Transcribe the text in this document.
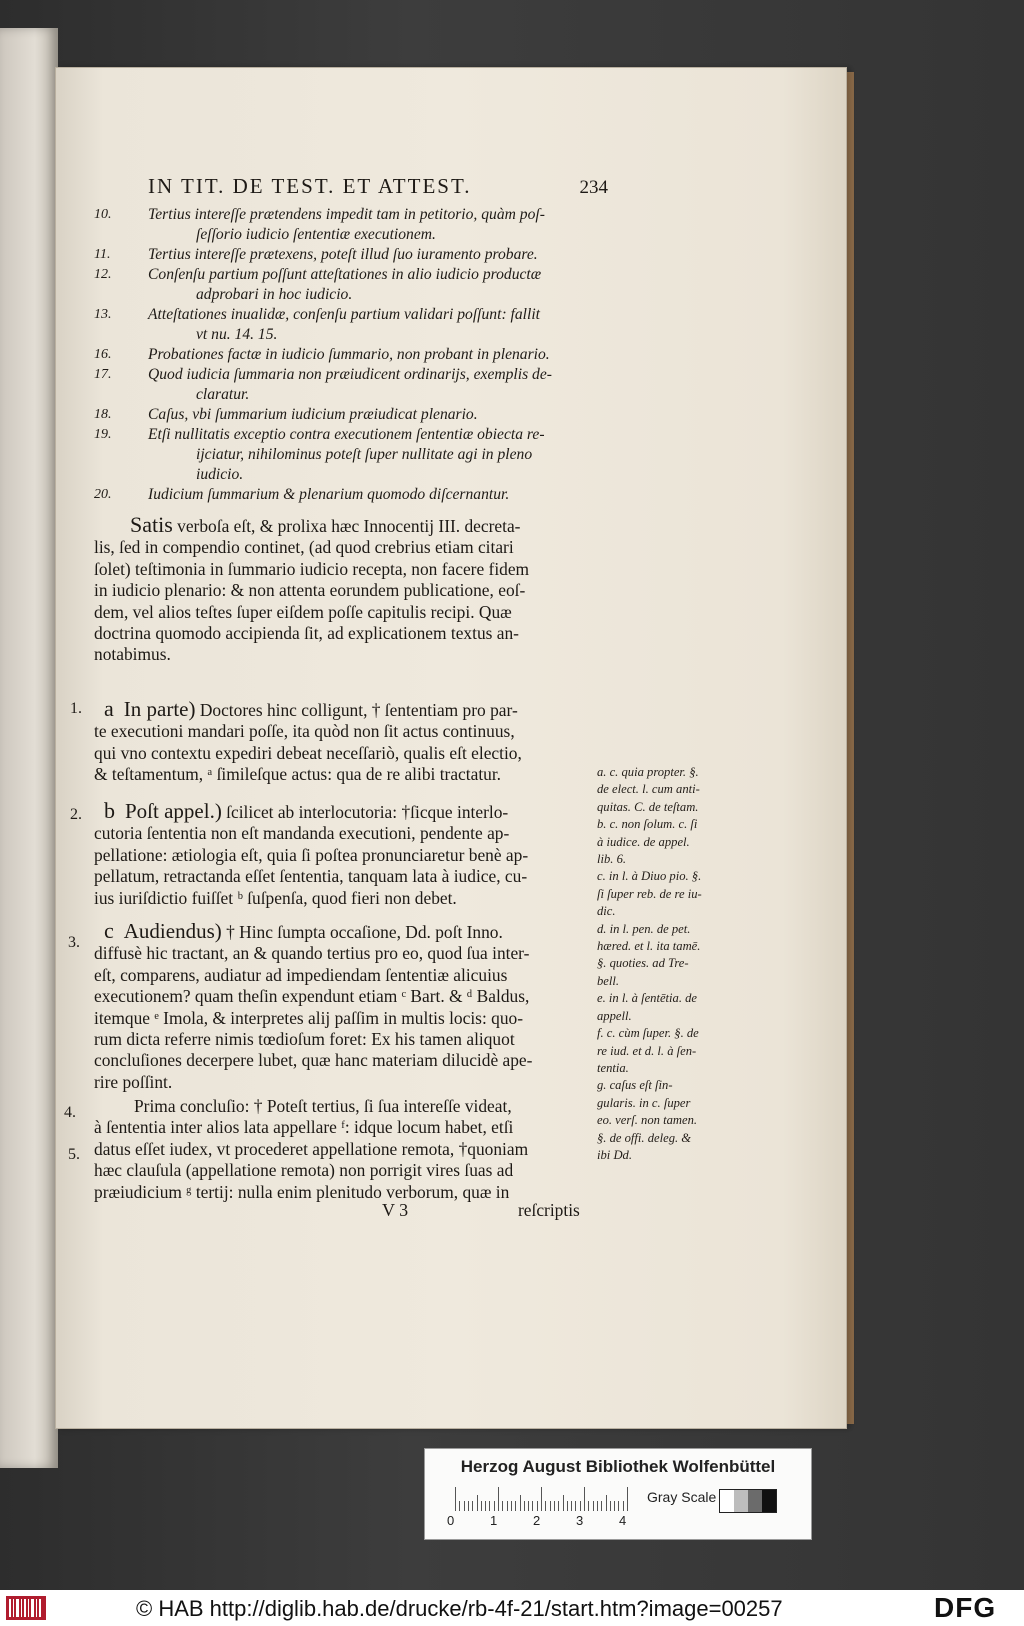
IN TIT. DE TEST. ET ATTEST.	234
10.	Tertius intereſſe prætendens impedit tam in petitorio, quàm poſ-
ſeſſorio iudicio ſententiæ executionem.
11.	Tertius intereſſe prætexens, poteſt illud ſuo iuramento probare.
12.	Conſenſu partium poſſunt atteſtationes in alio iudicio productæ
adprobari in hoc iudicio.
13.	Atteſtationes inualidæ, conſenſu partium validari poſſunt: fallit
vt nu. 14. 15.
16.	Probationes factæ in iudicio ſummario, non probant in plenario.
17.	Quod iudicia ſummaria non præiudicent ordinarijs, exemplis de-
claratur.
18.	Caſus, vbi ſummarium iudicium præiudicat plenario.
19.	Etſi nullitatis exceptio contra executionem ſententiæ obiecta re-
ijciatur, nihilominus poteſt ſuper nullitate agi in pleno
iudicio.
20.	Iudicium ſummarium & plenarium quomodo diſcernantur.
Satis verboſa eſt, & prolixa hæc Innocentij III. decreta-
lis, ſed in compendio continet, (ad quod crebrius etiam citari
ſolet) teſtimonia in ſummario iudicio recepta, non facere fidem
in iudicio plenario: & non attenta eorundem publicatione, eoſ-
dem, vel alios teſtes ſuper eiſdem poſſe capitulis recipi. Quæ
doctrina quomodo accipienda ſit, ad explicationem textus an-
notabimus.
1.	a In parte) Doctores hinc colligunt, † ſententiam pro par-
te executioni mandari poſſe, ita quòd non ſit actus continuus,
qui vno contextu expediri debeat neceſſariò, qualis eſt electio,
& teſtamentum, ᵃ ſimileſque actus: qua de re alibi tractatur.
2.	b Poſt appel.) ſcilicet ab interlocutoria: †ſicque interlo-
cutoria ſententia non eſt mandanda executioni, pendente ap-
pellatione: ætiologia eſt, quia ſi poſtea pronunciaretur benè ap-
pellatum, retractanda eſſet ſententia, tanquam lata à iudice, cu-
ius iuriſdictio fuiſſet ᵇ ſuſpenſa, quod fieri non debet.
3.	c Audiendus) † Hinc ſumpta occaſione, Dd. poſt Inno.
diffusè hic tractant, an & quando tertius pro eo, quod ſua inter-
eſt, comparens, audiatur ad impediendam ſententiæ alicuius
executionem? quam theſin expendunt etiam ᶜ Bart. & ᵈ Baldus,
itemque ᵉ Imola, & interpretes alij paſſim in multis locis: quo-
rum dicta referre nimis tœdioſum foret: Ex his tamen aliquot
concluſiones decerpere lubet, quæ hanc materiam dilucidè ape-
rire poſſint.
4.
5.
Prima concluſio: † Poteſt tertius, ſi ſua intereſſe videat,
à ſententia inter alios lata appellare ᶠ: idque locum habet, etſi
datus eſſet iudex, vt procederet appellatione remota, †quoniam
hæc clauſula (appellatione remota) non porrigit vires ſuas ad
præiudicium ᵍ tertij: nulla enim plenitudo verborum, quæ in
V 3	reſcriptis
a. c. quia propter. §.
de elect. l. cum anti-
quitas. C. de teſtam.
b. c. non ſolum. c. ſi
à iudice. de appel.
lib. 6.
c. in l. à Diuo pio. §.
ſi ſuper reb. de re iu-
dic.
d. in l. pen. de pet.
hæred. et l. ita tamē.
§. quoties. ad Tre-
bell.
e. in l. à ſentētia. de
appell.
f. c. cùm ſuper. §. de
re iud. et d. l. à ſen-
tentia.
g. caſus eſt ſin-
gularis. in c. ſuper
eo. verſ. non tamen.
§. de offi. deleg. &
ibi Dd.
Herzog August Bibliothek Wolfenbüttel
0	1	2	3	4
Gray Scale
© HAB http://diglib.hab.de/drucke/rb-4f-21/start.htm?image=00257	DFG
